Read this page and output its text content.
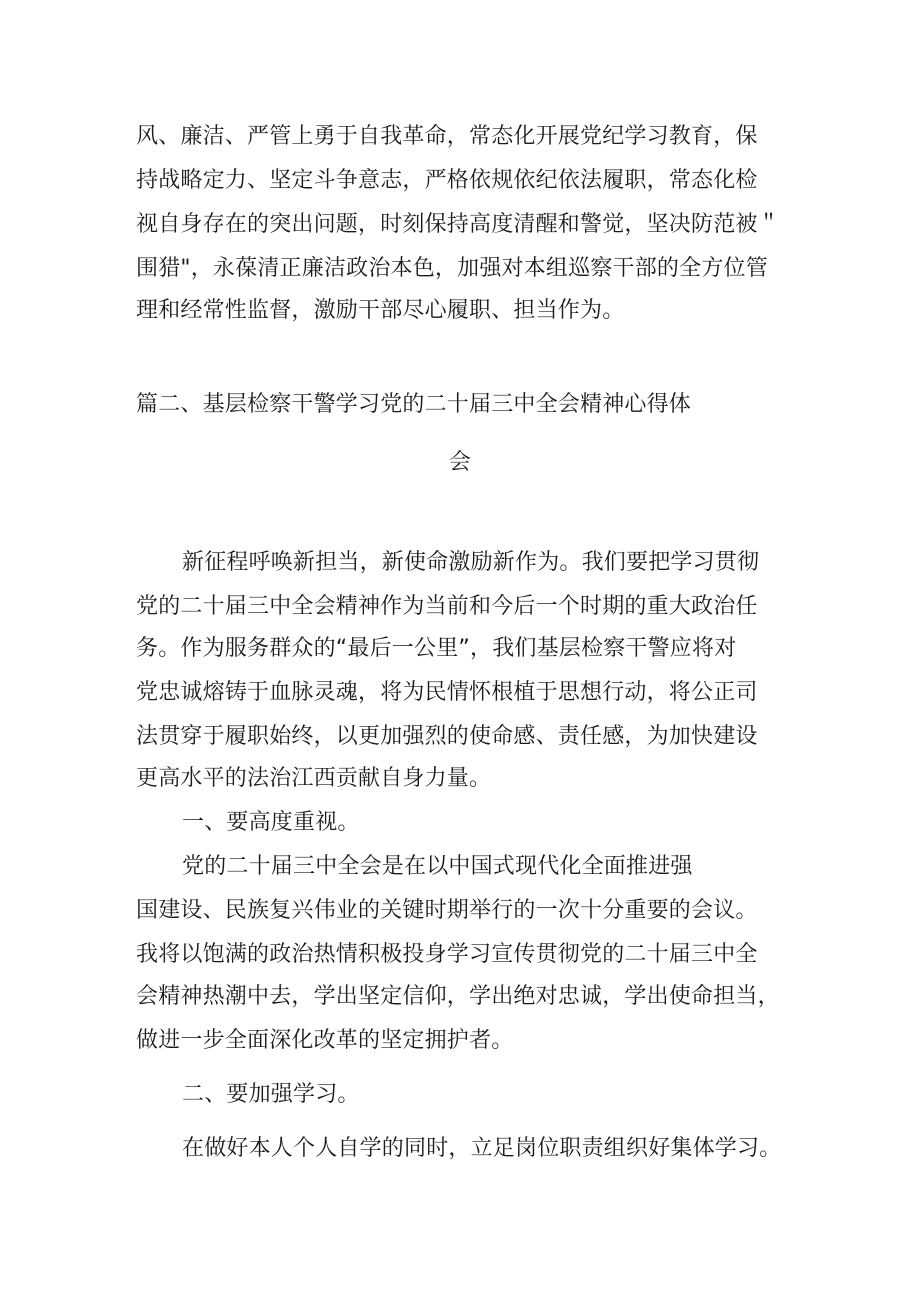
风、廉洁、严管上勇于自我革命，常态化开展党纪学习教育，保
持战略定力、坚定斗争意志，严格依规依纪依法履职，常态化检
视自身存在的突出问题，时刻保持高度清醒和警觉，坚决防范被＂
围猎"，永葆清正廉洁政治本色，加强对本组巡察干部的全方位管
理和经常性监督，激励干部尽心履职、担当作为。
篇二、基层检察干警学习党的二十届三中全会精神心得体
会
新征程呼唤新担当，新使命激励新作为。我们要把学习贯彻
党的二十届三中全会精神作为当前和今后一个时期的重大政治任
务。作为服务群众的“最后一公里”，我们基层检察干警应将对
党忠诚熔铸于血脉灵魂，将为民情怀根植于思想行动，将公正司
法贯穿于履职始终，以更加强烈的使命感、责任感，为加快建设
更高水平的法治江西贡献自身力量。
一、要高度重视。
党的二十届三中全会是在以中国式现代化全面推进强
国建设、民族复兴伟业的关键时期举行的一次十分重要的会议。
我将以饱满的政治热情积极投身学习宣传贯彻党的二十届三中全
会精神热潮中去，学出坚定信仰，学出绝对忠诚，学出使命担当，
做进一步全面深化改革的坚定拥护者。
二、要加强学习。
在做好本人个人自学的同时，立足岗位职责组织好集体学习。
